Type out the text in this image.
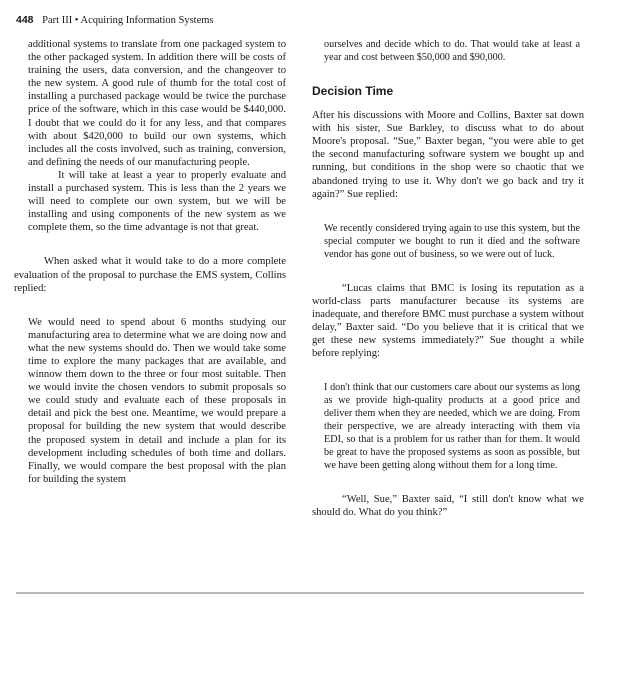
448 Part III • Acquiring Information Systems

additional systems to translate from one packaged system to the other packaged system. In addition there will be costs of training the users, data conversion, and the changeover to the new system. A good rule of thumb for the total cost of installing a purchased package would be twice the purchase price of the software, which in this case would be $440,000. I doubt that we could do it for any less, and that compares with about $420,000 to build our own systems, which includes all the costs involved, such as training, conversion, and defining the needs of our manufacturing people.

It will take at least a year to properly evaluate and install a purchased system. This is less than the 2 years we will need to complete our own system, but we will be installing and using components of the new system as we complete them, so the time advantage is not that great.

When asked what it would take to do a more complete evaluation of the proposal to purchase the EMS system, Collins replied:

We would need to spend about 6 months studying our manufacturing area to determine what we are doing now and what the new systems should do. Then we would take some time to explore the many packages that are available, and winnow them down to the three or four most suitable. Then we would invite the chosen vendors to submit proposals so we could study and evaluate each of these proposals in detail and pick the best one. Meantime, we would prepare a proposal for building the new system that would describe the proposed system in detail and include a plan for its development including schedules of both time and dollars. Finally, we would compare the best proposal with the plan for building the system

ourselves and decide which to do. That would take at least a year and cost between $50,000 and $90,000.

Decision Time

After his discussions with Moore and Collins, Baxter sat down with his sister, Sue Barkley, to discuss what to do about Moore's proposal. “Sue,” Baxter began, “you were able to get the second manufacturing software system we bought up and running, but conditions in the shop were so chaotic that we abandoned trying to use it. Why don't we go back and try it again?” Sue replied:

We recently considered trying again to use this system, but the special computer we bought to run it died and the software vendor has gone out of business, so we were out of luck.

“Lucas claims that BMC is losing its reputation as a world-class parts manufacturer because its systems are inadequate, and therefore BMC must purchase a system without delay,” Baxter said. “Do you believe that it is critical that we get these new systems immediately?” Sue thought a while before replying:

I don't think that our customers care about our systems as long as we provide high-quality products at a good price and deliver them when they are needed, which we are doing. From their perspective, we are already interacting with them via EDI, so that is a problem for us rather than for them. It would be great to have the proposed systems as soon as possible, but we have been getting along without them for a long time.

“Well, Sue,” Baxter said, “I still don't know what we should do. What do you think?”
